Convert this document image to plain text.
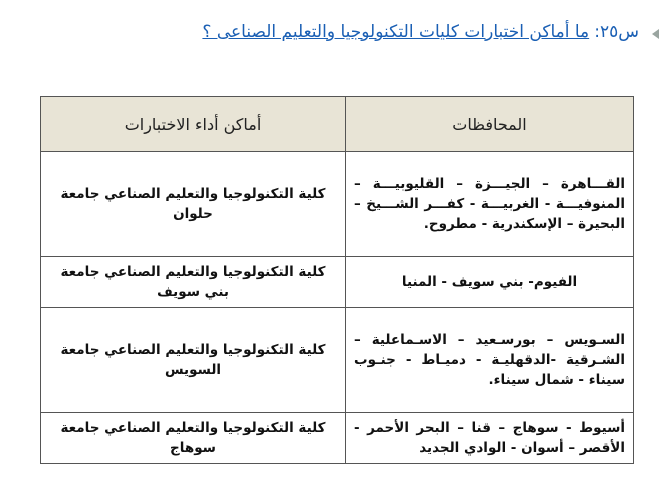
س٢٥: ما أماكن اختبارات كليات التكنولوجيا والتعليم الصناعى ؟
المحافظات	أماكن أداء الاختبارات
القـــاهرة – الجيـــزة – القليوبيـــة – المنوفيـــة - الغربيـــة - كفـــر الشـــيخ – البحيرة – الإسكندرية - مطروح.	كلية التكنولوجيا والتعليم الصناعي جامعة حلوان
الفيوم- بني سويف - المنيا	كلية التكنولوجيا والتعليم الصناعي جامعة بني سويف
السـويس – بورسـعيد – الاسـماعلية – الشـرقية -الدقهليـة - دميـاط - جنـوب سيناء - شمال سيناء.	كلية التكنولوجيا والتعليم الصناعي جامعة السويس
أسيوط - سوهاج – قنا – البحر الأحمر - الأقصر – أسوان - الوادي الجديد	كلية التكنولوجيا والتعليم الصناعي جامعة سوهاج
